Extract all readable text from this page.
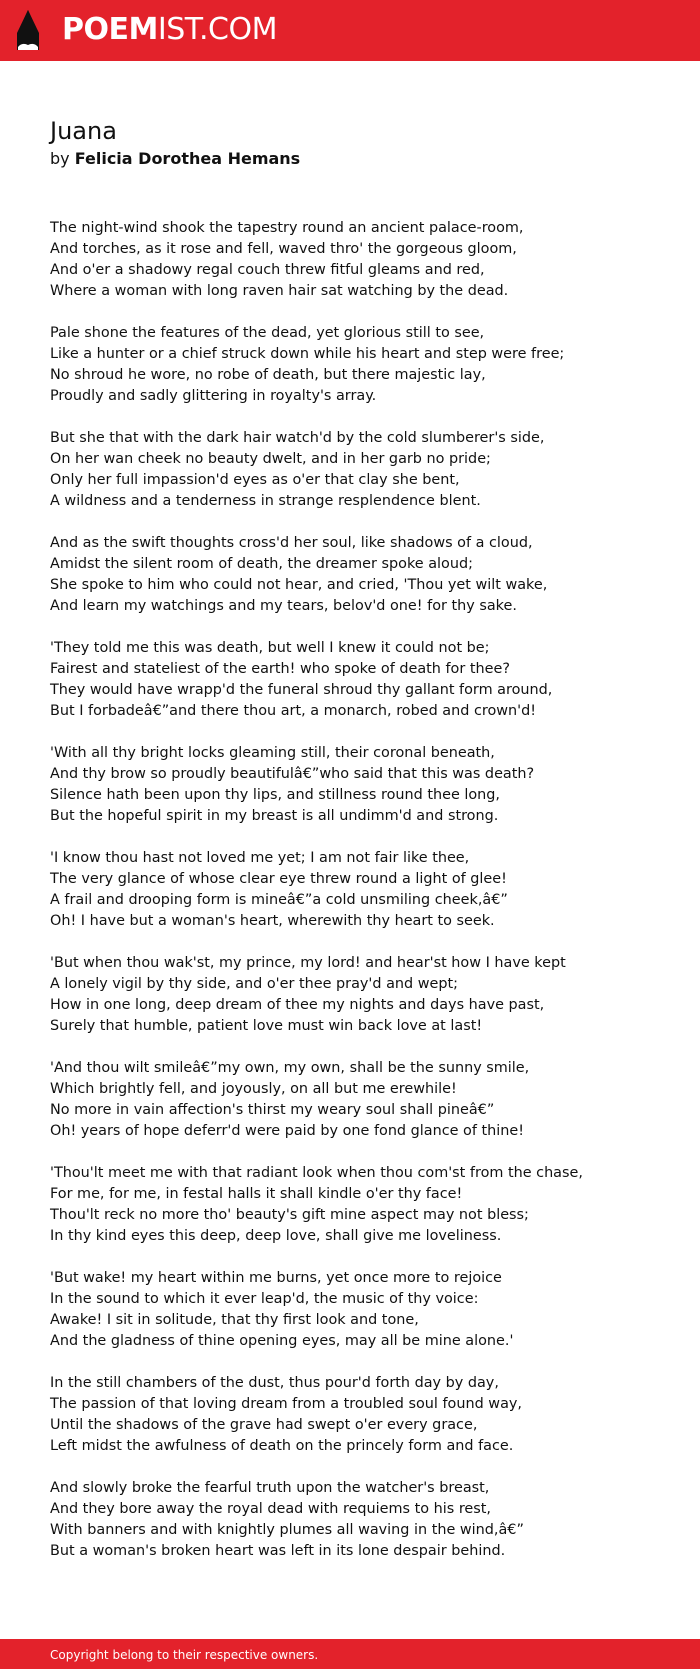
POEMIST.COM
Juana
by Felicia Dorothea Hemans
The night-wind shook the tapestry round an ancient palace-room,
And torches, as it rose and fell, waved thro' the gorgeous gloom,
And o'er a shadowy regal couch threw fitful gleams and red,
Where a woman with long raven hair sat watching by the dead.
Pale shone the features of the dead, yet glorious still to see,
Like a hunter or a chief struck down while his heart and step were free;
No shroud he wore, no robe of death, but there majestic lay,
Proudly and sadly glittering in royalty's array.
But she that with the dark hair watch'd by the cold slumberer's side,
On her wan cheek no beauty dwelt, and in her garb no pride;
Only her full impassion'd eyes as o'er that clay she bent,
A wildness and a tenderness in strange resplendence blent.
And as the swift thoughts cross'd her soul, like shadows of a cloud,
Amidst the silent room of death, the dreamer spoke aloud;
She spoke to him who could not hear, and cried, 'Thou yet wilt wake,
And learn my watchings and my tears, belov'd one! for thy sake.
'They told me this was death, but well I knew it could not be;
Fairest and stateliest of the earth! who spoke of death for thee?
They would have wrapp'd the funeral shroud thy gallant form around,
But I forbadeâ€”and there thou art, a monarch, robed and crown'd!
'With all thy bright locks gleaming still, their coronal beneath,
And thy brow so proudly beautifulâ€”who said that this was death?
Silence hath been upon thy lips, and stillness round thee long,
But the hopeful spirit in my breast is all undimm'd and strong.
'I know thou hast not loved me yet; I am not fair like thee,
The very glance of whose clear eye threw round a light of glee!
A frail and drooping form is mineâ€”a cold unsmiling cheek,â€”
Oh! I have but a woman's heart, wherewith thy heart to seek.
'But when thou wak'st, my prince, my lord! and hear'st how I have kept
A lonely vigil by thy side, and o'er thee pray'd and wept;
How in one long, deep dream of thee my nights and days have past,
Surely that humble, patient love must win back love at last!
'And thou wilt smileâ€”my own, my own, shall be the sunny smile,
Which brightly fell, and joyously, on all but me erewhile!
No more in vain affection's thirst my weary soul shall pineâ€”
Oh! years of hope deferr'd were paid by one fond glance of thine!
'Thou'lt meet me with that radiant look when thou com'st from the chase,
For me, for me, in festal halls it shall kindle o'er thy face!
Thou'lt reck no more tho' beauty's gift mine aspect may not bless;
In thy kind eyes this deep, deep love, shall give me loveliness.
'But wake! my heart within me burns, yet once more to rejoice
In the sound to which it ever leap'd, the music of thy voice:
Awake! I sit in solitude, that thy first look and tone,
And the gladness of thine opening eyes, may all be mine alone.'
In the still chambers of the dust, thus pour'd forth day by day,
The passion of that loving dream from a troubled soul found way,
Until the shadows of the grave had swept o'er every grace,
Left midst the awfulness of death on the princely form and face.
And slowly broke the fearful truth upon the watcher's breast,
And they bore away the royal dead with requiems to his rest,
With banners and with knightly plumes all waving in the wind,â€”
But a woman's broken heart was left in its lone despair behind.
Copyright belong to their respective owners.
